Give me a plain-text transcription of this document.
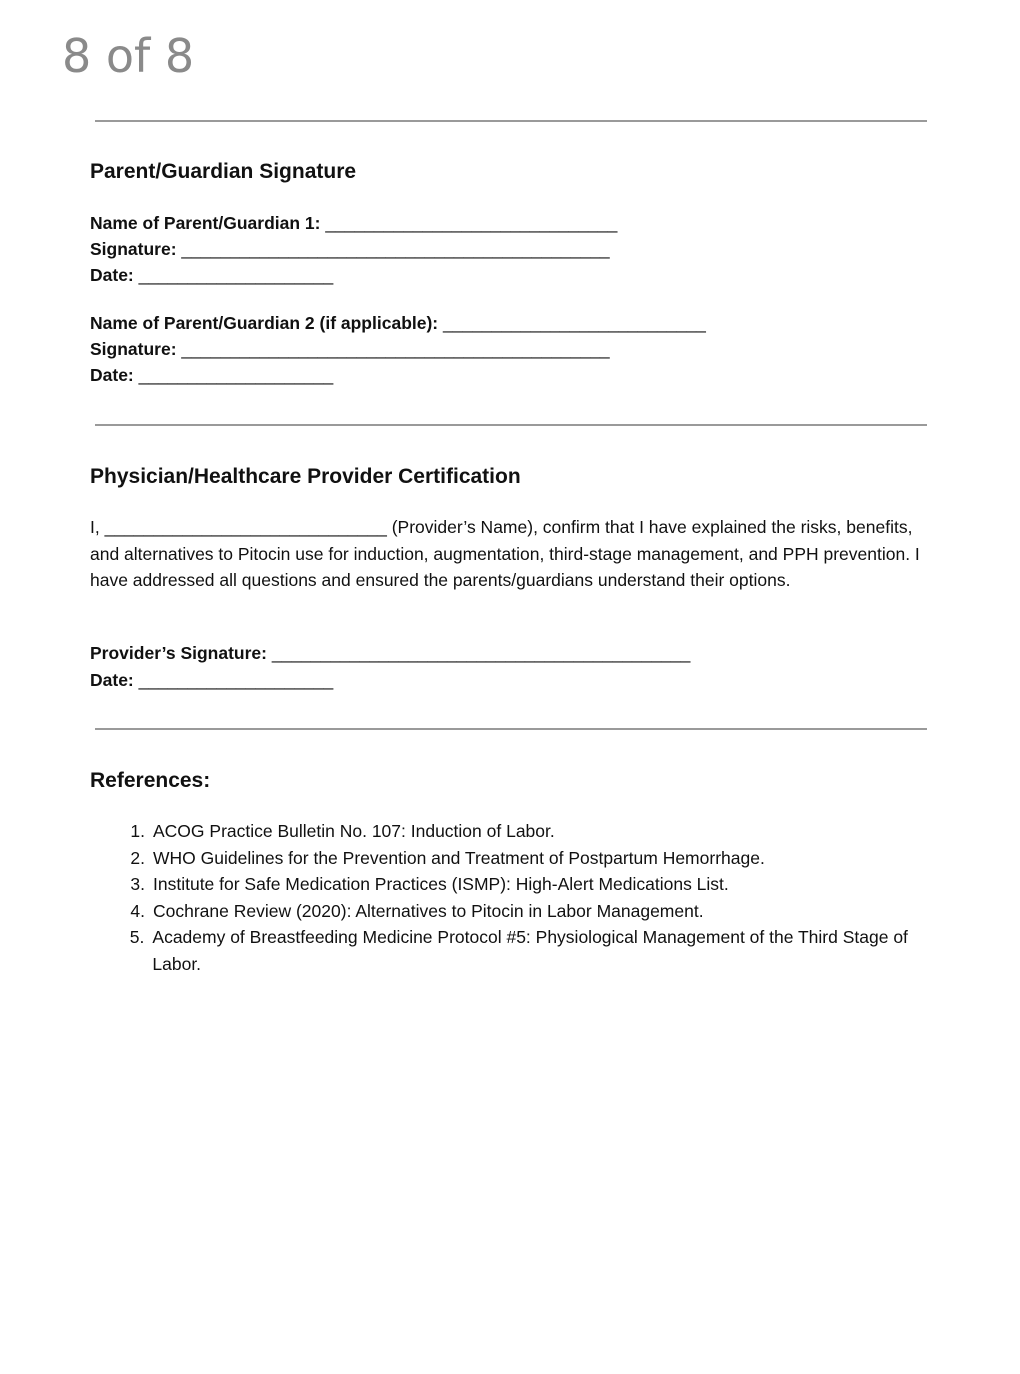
8 of 8
Parent/Guardian Signature
Name of Parent/Guardian 1: ______________________________
Signature: ____________________________________________
Date: ____________________
Name of Parent/Guardian 2 (if applicable): ___________________________
Signature: ____________________________________________
Date: ____________________
Physician/Healthcare Provider Certification

I, _____________________________ (Provider’s Name), confirm that I have explained the risks, benefits, and alternatives to Pitocin use for induction, augmentation, third-stage management, and PPH prevention. I have addressed all questions and ensured the parents/guardians understand their options.

Provider’s Signature: ___________________________________________
Date: ____________________
References:
1. ACOG Practice Bulletin No. 107: Induction of Labor.
2. WHO Guidelines for the Prevention and Treatment of Postpartum Hemorrhage.
3. Institute for Safe Medication Practices (ISMP): High-Alert Medications List.
4. Cochrane Review (2020): Alternatives to Pitocin in Labor Management.
5. Academy of Breastfeeding Medicine Protocol #5: Physiological Management of the Third Stage of Labor.
